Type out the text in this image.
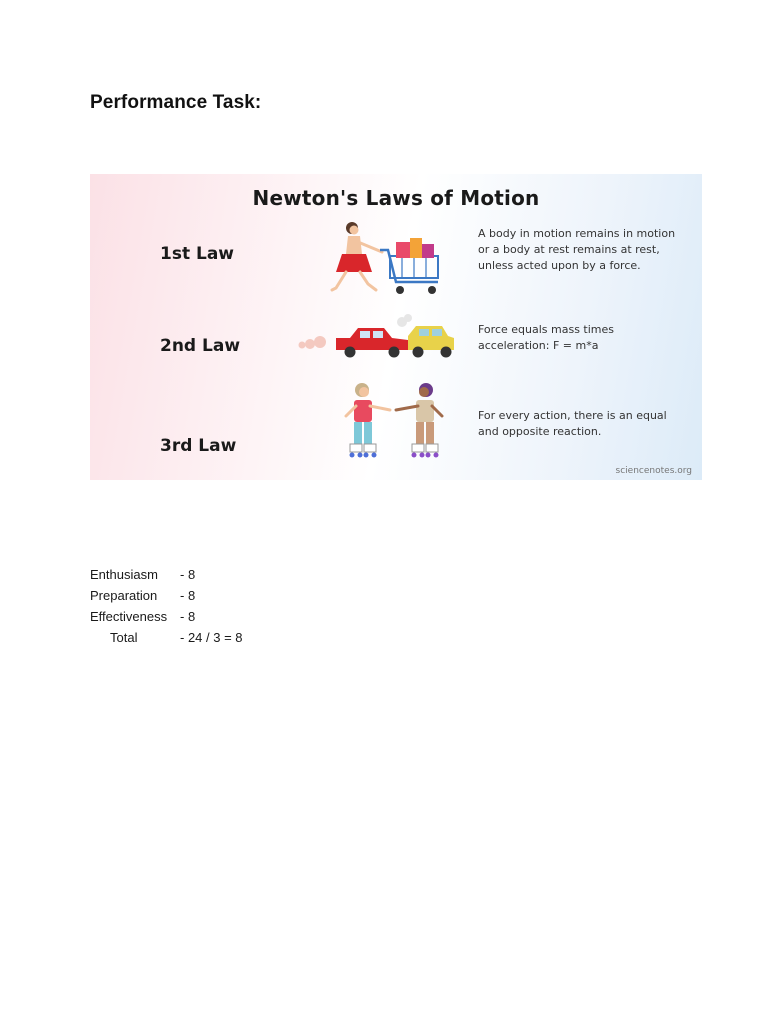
Performance Task:
Newton's Laws of Motion
1st Law
A body in motion remains in motion or a body at rest remains at rest, unless acted upon by a force.
2nd Law
Force equals mass times acceleration: F = m*a
3rd Law
For every action, there is an equal and opposite reaction.
sciencenotes.org
Enthusiasm	- 8
Preparation	- 8
Effectiveness - 8
Total	- 24 / 3 = 8
